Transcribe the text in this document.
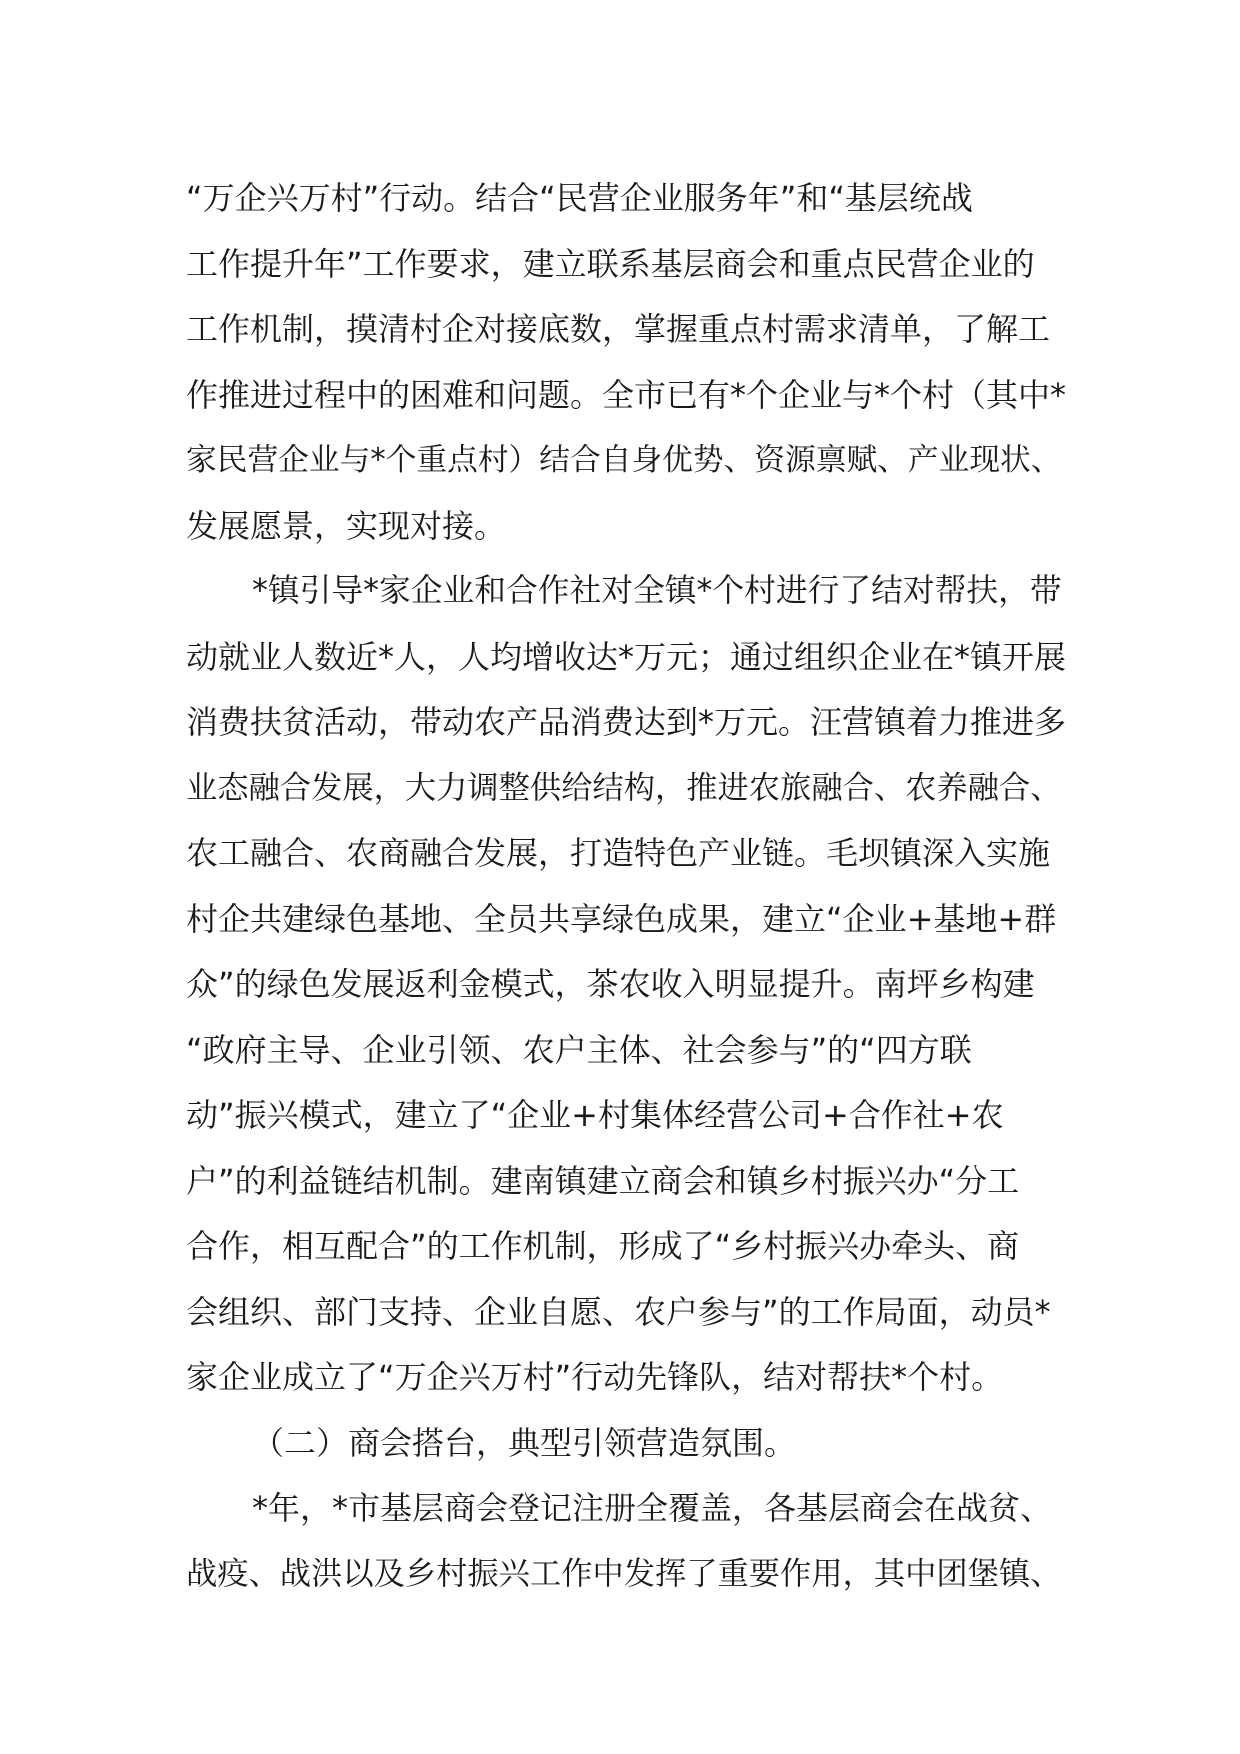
“万企兴万村”行动。结合“民营企业服务年”和“基层统战
工作提升年”工作要求，建立联系基层商会和重点民营企业的
工作机制，摸清村企对接底数，掌握重点村需求清单，了解工
作推进过程中的困难和问题。全市已有*个企业与*个村（其中*
家民营企业与*个重点村）结合自身优势、资源禀赋、产业现状、
发展愿景，实现对接。
*镇引导*家企业和合作社对全镇*个村进行了结对帮扶，带
动就业人数近*人，人均增收达*万元；通过组织企业在*镇开展
消费扶贫活动，带动农产品消费达到*万元。汪营镇着力推进多
业态融合发展，大力调整供给结构，推进农旅融合、农养融合、
农工融合、农商融合发展，打造特色产业链。毛坝镇深入实施
村企共建绿色基地、全员共享绿色成果，建立“企业+基地+群
众”的绿色发展返利金模式，茶农收入明显提升。南坪乡构建
“政府主导、企业引领、农户主体、社会参与”的“四方联
动”振兴模式，建立了“企业+村集体经营公司+合作社+农
户”的利益链结机制。建南镇建立商会和镇乡村振兴办“分工
合作，相互配合”的工作机制，形成了“乡村振兴办牵头、商
会组织、部门支持、企业自愿、农户参与”的工作局面，动员*
家企业成立了“万企兴万村”行动先锋队，结对帮扶*个村。
（二）商会搭台，典型引领营造氛围。
*年，*市基层商会登记注册全覆盖，各基层商会在战贫、
战疫、战洪以及乡村振兴工作中发挥了重要作用，其中团堡镇、
